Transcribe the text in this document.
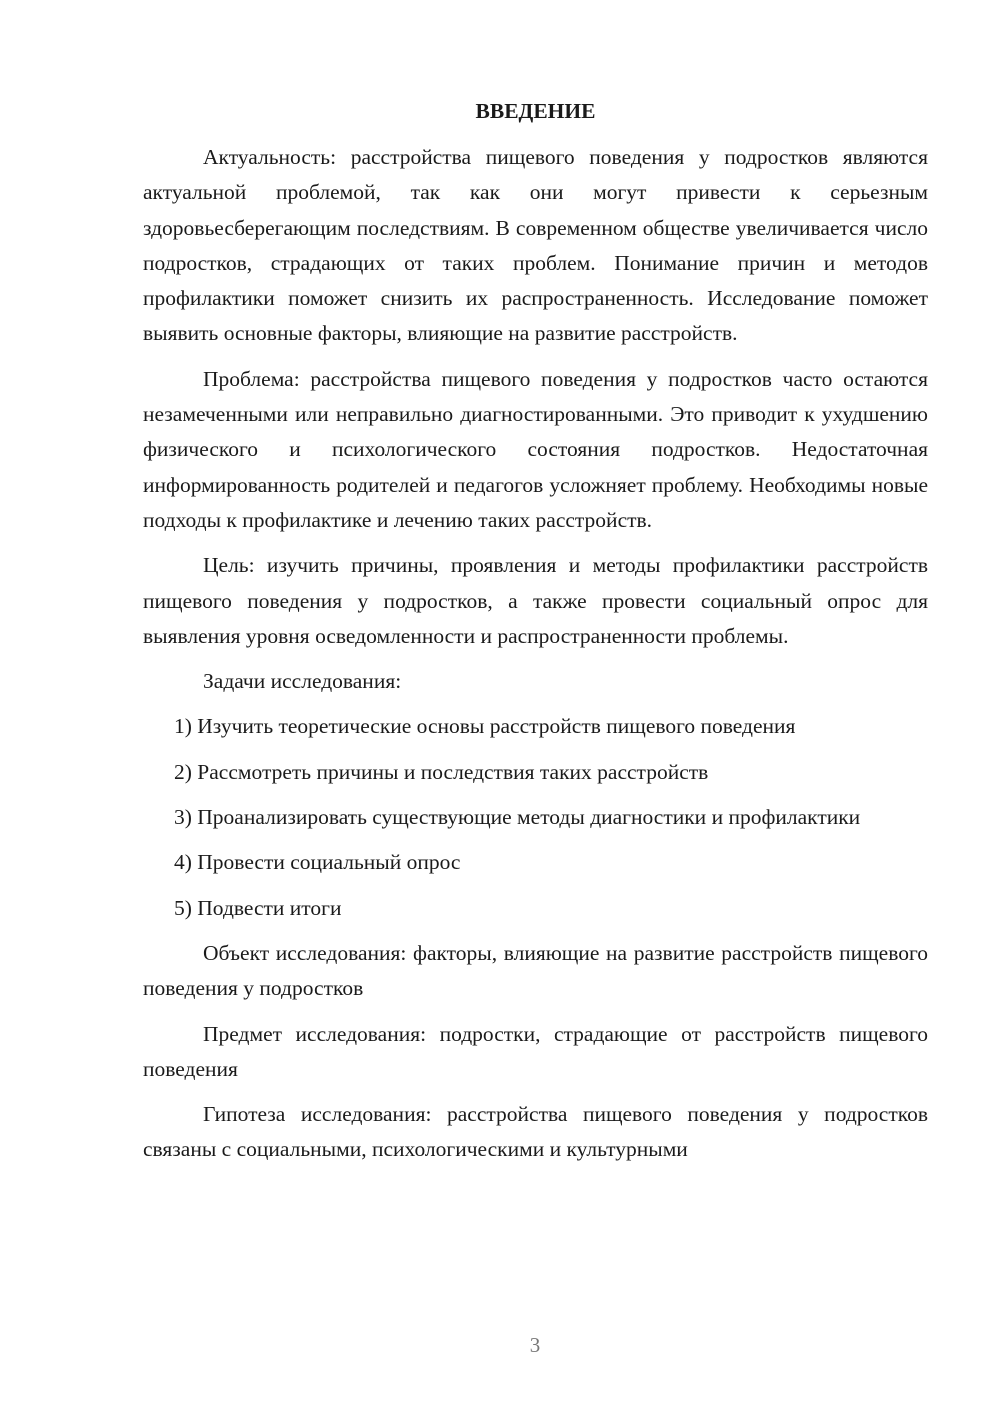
ВВЕДЕНИЕ
Актуальность: расстройства пищевого поведения у подростков являются актуальной проблемой, так как они могут привести к серьезным здоровьесберегающим последствиям. В современном обществе увеличивается число подростков, страдающих от таких проблем. Понимание причин и методов профилактики поможет снизить их распространенность. Исследование поможет выявить основные факторы, влияющие на развитие расстройств.
Проблема: расстройства пищевого поведения у подростков часто остаются незамеченными или неправильно диагностированными. Это приводит к ухудшению физического и психологического состояния подростков. Недостаточная информированность родителей и педагогов усложняет проблему. Необходимы новые подходы к профилактике и лечению таких расстройств.
Цель: изучить причины, проявления и методы профилактики расстройств пищевого поведения у подростков, а также провести социальный опрос для выявления уровня осведомленности и распространенности проблемы.
Задачи исследования:
1) Изучить теоретические основы расстройств пищевого поведения
2) Рассмотреть причины и последствия таких расстройств
3) Проанализировать существующие методы диагностики и профилактики
4) Провести социальный опрос
5) Подвести итоги
Объект исследования: факторы, влияющие на развитие расстройств пищевого поведения у подростков
Предмет исследования: подростки, страдающие от расстройств пищевого поведения
Гипотеза исследования: расстройства пищевого поведения у подростков связаны с социальными, психологическими и культурными
3
